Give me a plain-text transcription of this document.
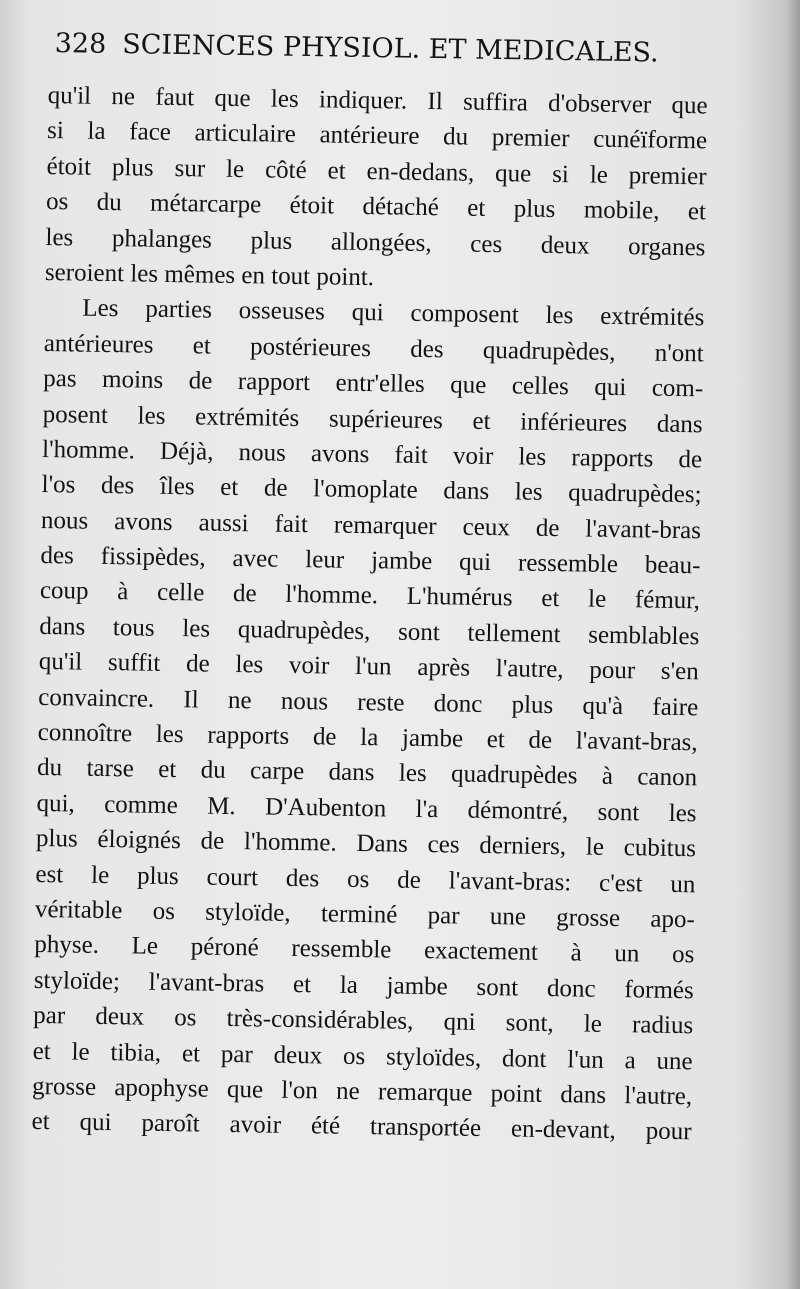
328 SCIENCES PHYSIOL. ET MEDICALES.
qu'il ne faut que les indiquer. Il suffira d'observer que
si la face articulaire antérieure du premier cunéïforme
étoit plus sur le côté et en-dedans, que si le premier
os du métarcarpe étoit détaché et plus mobile, et
les phalanges plus allongées, ces deux organes
seroient les mêmes en tout point.
Les parties osseuses qui composent les extrémités
antérieures et postérieures des quadrupèdes, n'ont
pas moins de rapport entr'elles que celles qui com-
posent les extrémités supérieures et inférieures dans
l'homme. Déjà, nous avons fait voir les rapports de
l'os des îles et de l'omoplate dans les quadrupèdes;
nous avons aussi fait remarquer ceux de l'avant-bras
des fissipèdes, avec leur jambe qui ressemble beau-
coup à celle de l'homme. L'humérus et le fémur,
dans tous les quadrupèdes, sont tellement semblables
qu'il suffit de les voir l'un après l'autre, pour s'en
convaincre. Il ne nous reste donc plus qu'à faire
connoître les rapports de la jambe et de l'avant-bras,
du tarse et du carpe dans les quadrupèdes à canon
qui, comme M. D'Aubenton l'a démontré, sont les
plus éloignés de l'homme. Dans ces derniers, le cubitus
est le plus court des os de l'avant-bras: c'est un
véritable os styloïde, terminé par une grosse apo-
physe. Le péroné ressemble exactement à un os
styloïde; l'avant-bras et la jambe sont donc formés
par deux os très-considérables, qni sont, le radius
et le tibia, et par deux os styloïdes, dont l'un a une
grosse apophyse que l'on ne remarque point dans l'autre,
et qui paroît avoir été transportée en-devant, pour
